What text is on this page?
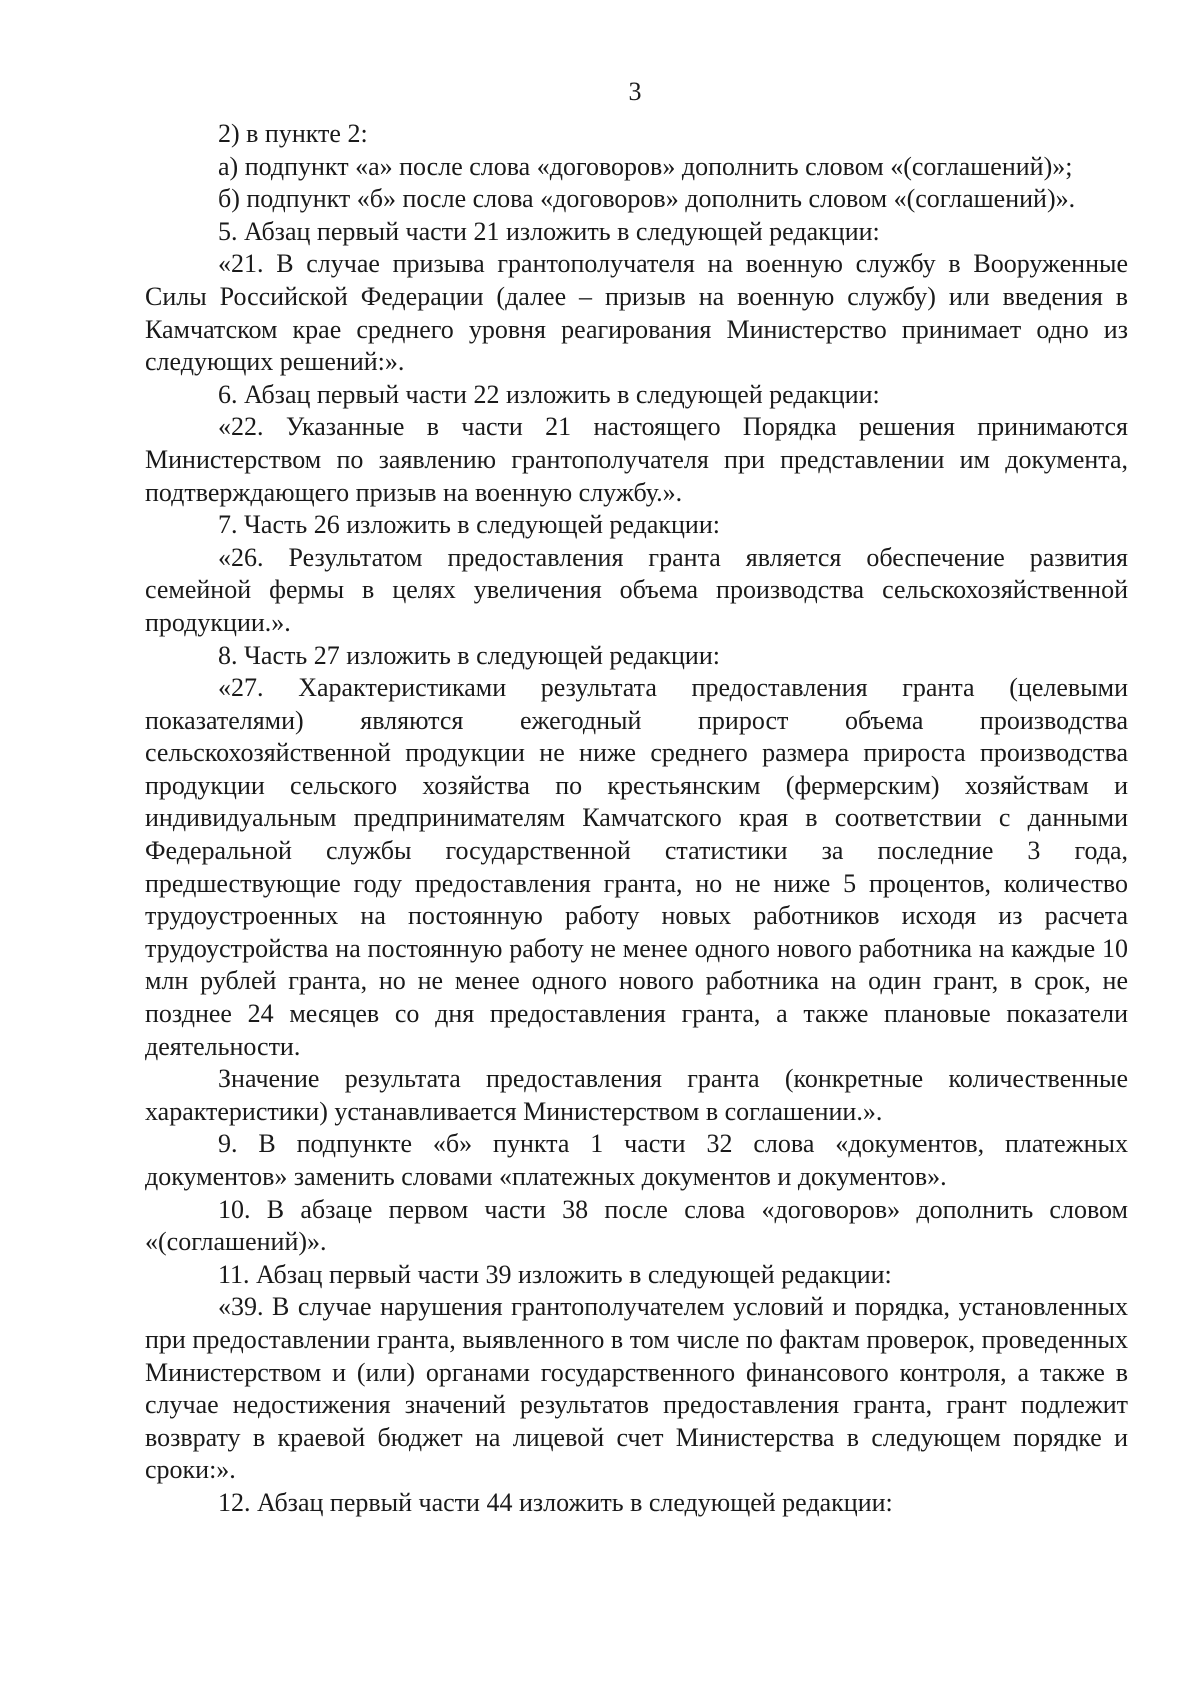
3

2) в пункте 2:

а) подпункт «а» после слова «договоров» дополнить словом «(соглашений)»;

б) подпункт «б» после слова «договоров» дополнить словом «(соглашений)».

5. Абзац первый части 21 изложить в следующей редакции:

«21. В случае призыва грантополучателя на военную службу в Вооруженные Силы Российской Федерации (далее – призыв на военную службу) или введения в Камчатском крае среднего уровня реагирования Министерство принимает одно из следующих решений:».

6. Абзац первый части 22 изложить в следующей редакции:

«22. Указанные в части 21 настоящего Порядка решения принимаются Министерством по заявлению грантополучателя при представлении им документа, подтверждающего призыв на военную службу.».

7. Часть 26 изложить в следующей редакции:

«26. Результатом предоставления гранта является обеспечение развития семейной фермы в целях увеличения объема производства сельскохозяйственной продукции.».

8. Часть 27 изложить в следующей редакции:

«27. Характеристиками результата предоставления гранта (целевыми показателями) являются ежегодный прирост объема производства сельскохозяйственной продукции не ниже среднего размера прироста производства продукции сельского хозяйства по крестьянским (фермерским) хозяйствам и индивидуальным предпринимателям Камчатского края в соответствии с данными Федеральной службы государственной статистики за последние 3 года, предшествующие году предоставления гранта, но не ниже 5 процентов, количество трудоустроенных на постоянную работу новых работников исходя из расчета трудоустройства на постоянную работу не менее одного нового работника на каждые 10 млн рублей гранта, но не менее одного нового работника на один грант, в срок, не позднее 24 месяцев со дня предоставления гранта, а также плановые показатели деятельности.

Значение результата предоставления гранта (конкретные количественные характеристики) устанавливается Министерством в соглашении.».

9. В подпункте «б» пункта 1 части 32 слова «документов, платежных документов» заменить словами «платежных документов и документов».

10. В абзаце первом части 38 после слова «договоров» дополнить словом «(соглашений)».

11. Абзац первый части 39 изложить в следующей редакции:

«39. В случае нарушения грантополучателем условий и порядка, установленных при предоставлении гранта, выявленного в том числе по фактам проверок, проведенных Министерством и (или) органами государственного финансового контроля, а также в случае недостижения значений результатов предоставления гранта, грант подлежит возврату в краевой бюджет на лицевой счет Министерства в следующем порядке и сроки:».

12. Абзац первый части 44 изложить в следующей редакции:
